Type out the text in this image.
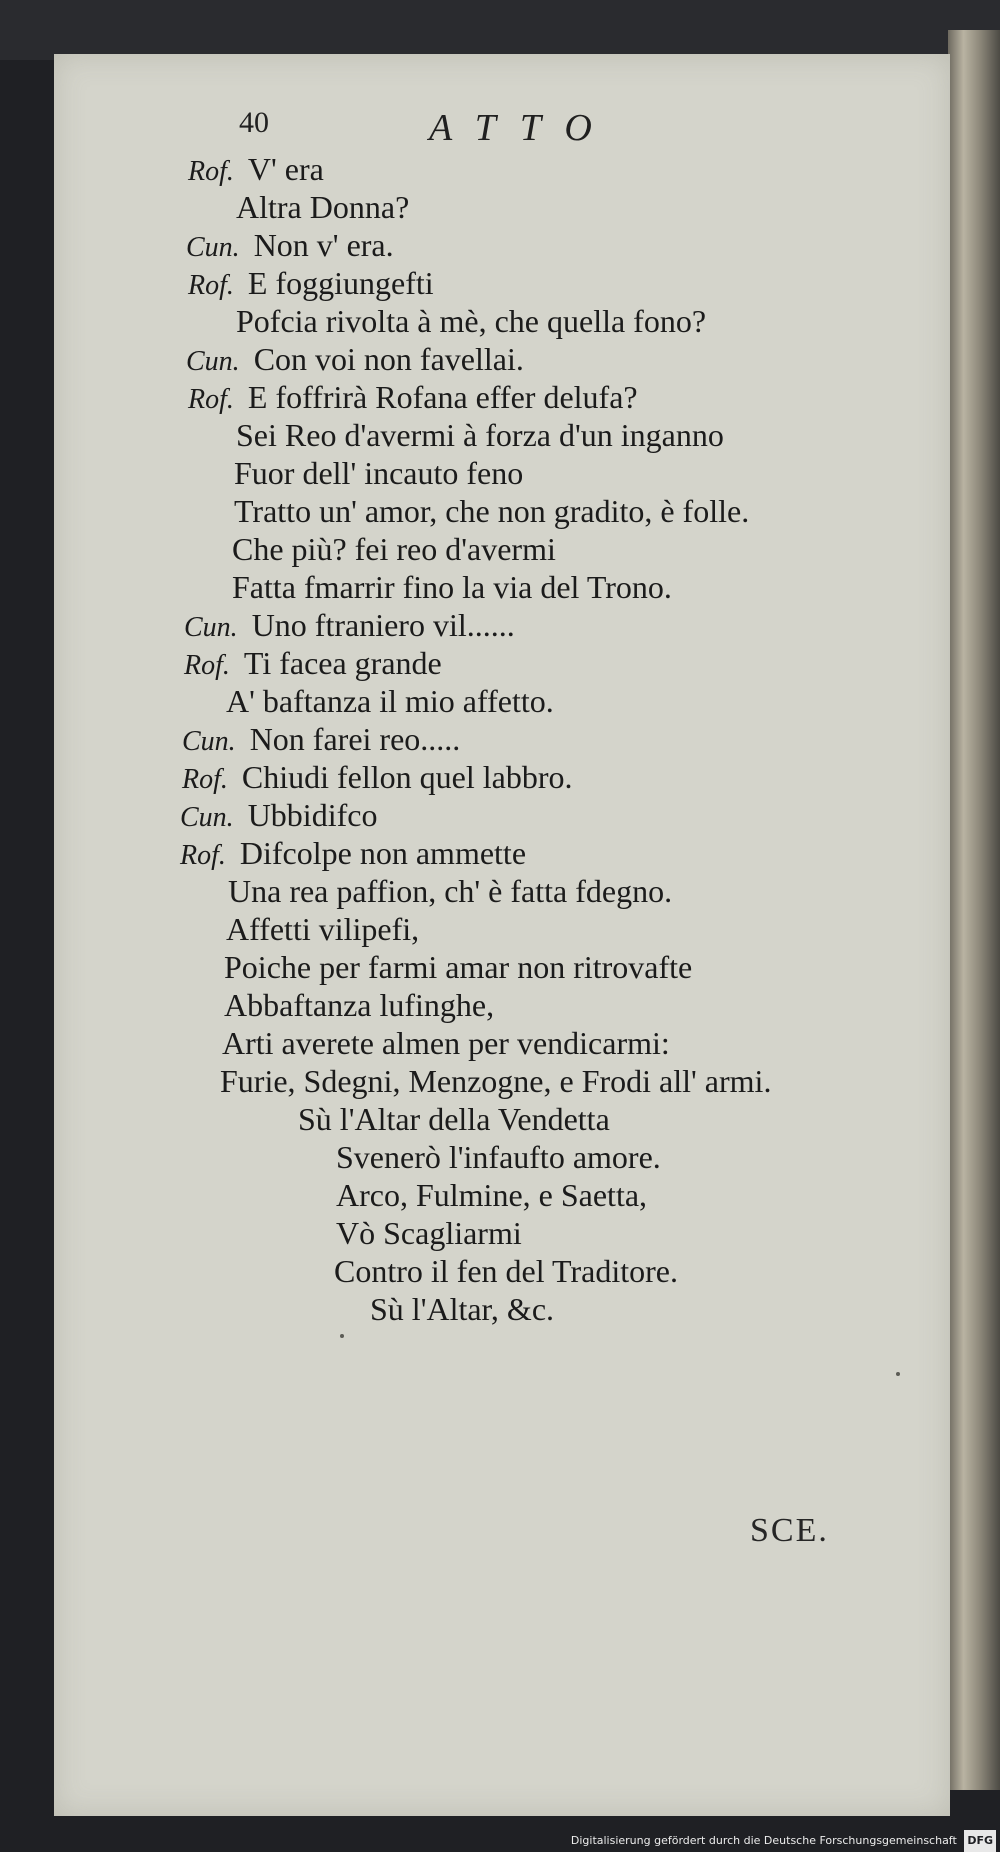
40	ATTO
Rof. V' era
Altra Donna?
Cun. Non v' era.
Rof. E foggiungefti
Pofcia rivolta à mè, che quella fono?
Cun. Con voi non favellai.
Rof. E foffrirà Rofana effer delufa?
Sei Reo d'avermi à forza d'un inganno
Fuor dell' incauto feno
Tratto un' amor, che non gradito, è folle.
Che più? fei reo d'avermi
Fatta fmarrir fino la via del Trono.
Cun. Uno ftraniero vil......
Rof. Ti facea grande
A' baftanza il mio affetto.
Cun. Non farei reo.....
Rof. Chiudi fellon quel labbro.
Cun. Ubbidifco
Rof. Difcolpe non ammette
Una rea paffion, ch' è fatta fdegno.
Affetti vilipefi,
Poiche per farmi amar non ritrovafte
Abbaftanza lufinghe,
Arti averete almen per vendicarmi:
Furie, Sdegni, Menzogne, e Frodi all' armi.
Sù l'Altar della Vendetta
Svenerò l'infaufto amore.
Arco, Fulmine, e Saetta,
Vò Scagliarmi
Contro il fen del Traditore.
Sù l'Altar, &c.
SCE.
Digitalisierung gefördert durch die Deutsche Forschungsgemeinschaft DFG
